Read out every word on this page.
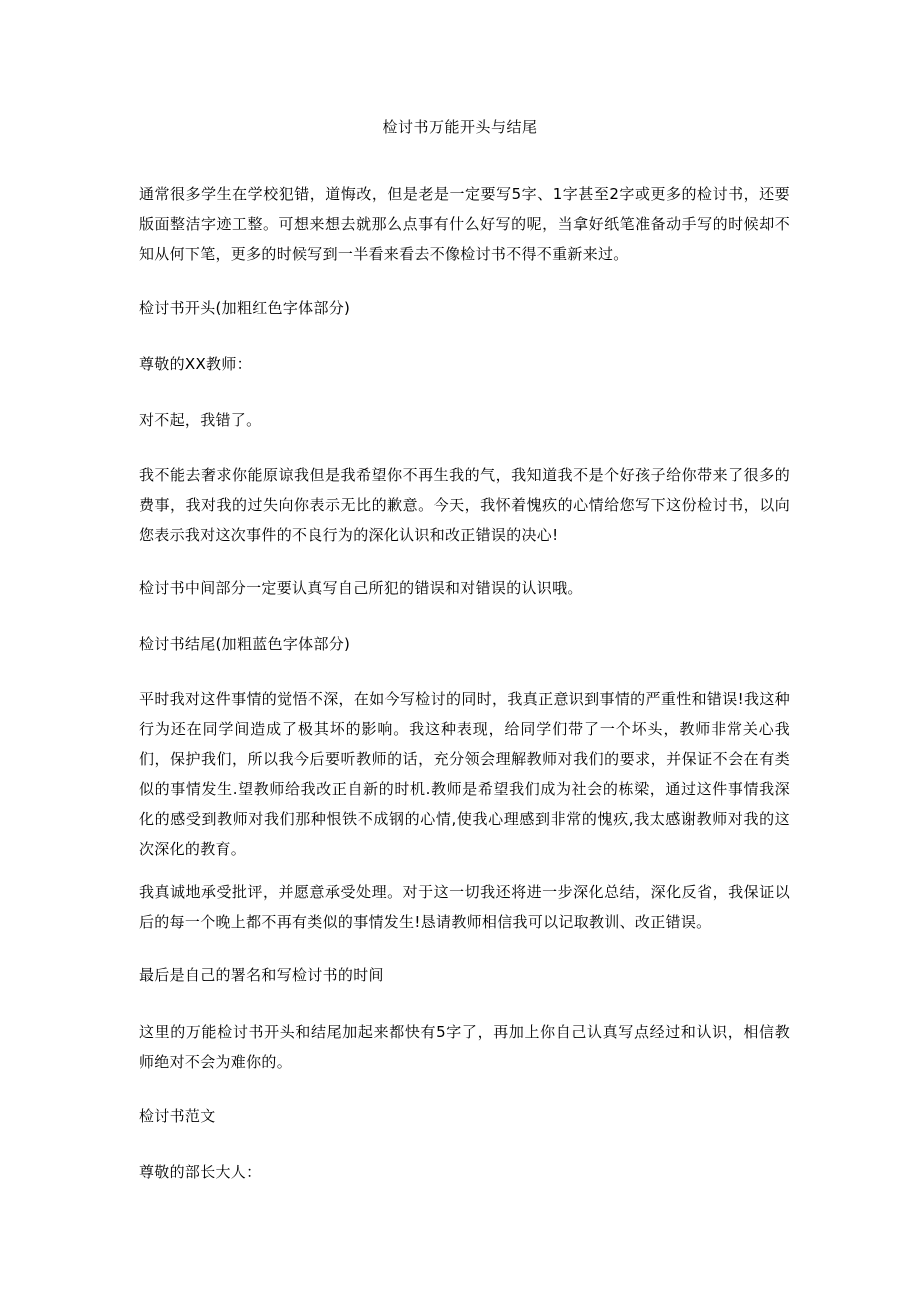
检讨书万能开头与结尾
通常很多学生在学校犯错，道悔改，但是老是一定要写5字、1字甚至2字或更多的检讨书，还要版面整洁字迹工整。可想来想去就那么点事有什么好写的呢，当拿好纸笔准备动手写的时候却不知从何下笔，更多的时候写到一半看来看去不像检讨书不得不重新来过。
检讨书开头(加粗红色字体部分)
尊敬的XX教师：
对不起，我错了。
我不能去奢求你能原谅我但是我希望你不再生我的气，我知道我不是个好孩子给你带来了很多的费事，我对我的过失向你表示无比的歉意。今天，我怀着愧疚的心情给您写下这份检讨书，以向您表示我对这次事件的不良行为的深化认识和改正错误的决心!
检讨书中间部分一定要认真写自己所犯的错误和对错误的认识哦。
检讨书结尾(加粗蓝色字体部分)
平时我对这件事情的觉悟不深，在如今写检讨的同时，我真正意识到事情的严重性和错误!我这种行为还在同学间造成了极其坏的影响。我这种表现，给同学们带了一个坏头，教师非常关心我们，保护我们，所以我今后要听教师的话，充分领会理解教师对我们的要求，并保证不会在有类似的事情发生.望教师给我改正自新的时机.教师是希望我们成为社会的栋梁，通过这件事情我深化的感受到教师对我们那种恨铁不成钢的心情,使我心理感到非常的愧疚,我太感谢教师对我的这次深化的教育。
我真诚地承受批评，并愿意承受处理。对于这一切我还将进一步深化总结，深化反省，我保证以后的每一个晚上都不再有类似的事情发生!恳请教师相信我可以记取教训、改正错误。
最后是自己的署名和写检讨书的时间
这里的万能检讨书开头和结尾加起来都快有5字了，再加上你自己认真写点经过和认识，相信教师绝对不会为难你的。
检讨书范文
尊敬的部长大人：
